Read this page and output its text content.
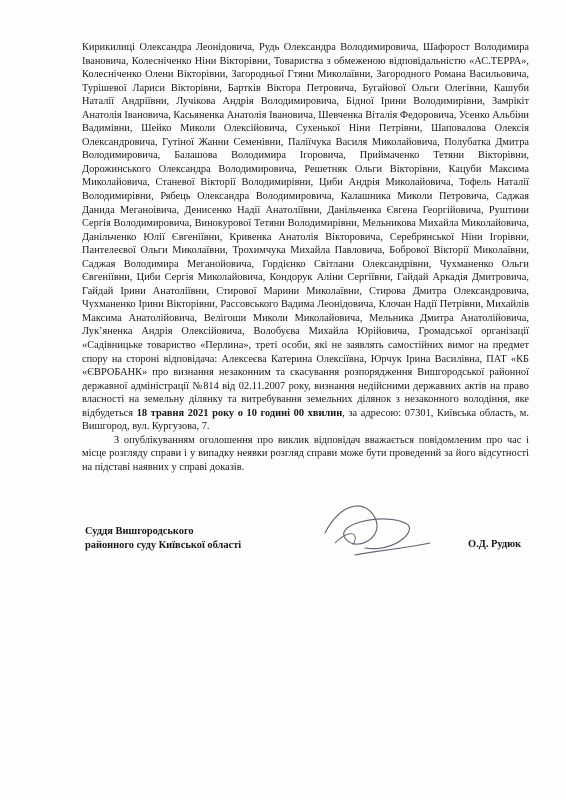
Кирикилиці Олександра Леонідовича, Рудь Олександра Володимировича, Шафорост Володимира Івановича, Колесніченко Ніни Вікторівни, Товариства з обмеженою відповідальністю «АС.ТЕРРА», Колесніченко Олени Вікторівни, Загородньої Гтяни Миколаївни, Загородного Романа Васильовича, Турішевої Лариси Вікторівни, Бартків Віктора Петровича, Бугайової Ольги Олегівни, Кашуби Наталії Андріївни, Лучікова Андрія Володимировича, Бідної Ірини Володимирівни, Замрікіт Анатолія Івановича, Касьяненка Анатолія Івановича, Шевченка Віталія Федоровича, Усенко Альбіни Вадимівни, Шейко Миколи Олексійовича, Сухенької Ніни Петрівни, Шаповалова Олексія Олександровича, Гутіної Жанни Семенівни, Паліїчука Василя Миколайовича, Полубатка Дмитра Володимировича, Балашова Володимира Ігоровича, Приймаченко Тетяни Вікторівни, Дорожинського Олександра Володимировича, Решетняк Ольги Вікторівни, Кацуби Максима Миколайовича, Станевої Вікторії Володимирівни, Циби Андрія Миколайовича, Тофель Наталії Володимирівни, Рябець Олександра Володимировича, Калашника Миколи Петровича, Саджая Данида Меганоівича, Денисенко Надії Анатоліївни, Данільченка Євгена Георгійовича, Руштини Сергія Володимировича, Винокурової Тетяни Володимирівни, Мельникова Михайла Миколайовича, Данільченко Юлії Євгеніївни, Кривенка Анатолія Вікторовича, Серебрянської Ніни Ігорівни, Пантелеєвої Ольги Миколаївни, Трохимчука Михайла Павловича, Бобрової Вікторії Миколаївни, Саджая Володимира Меганойовича, Гордієнко Світлани Олександрівни, Чухманенко Ольги Євгеніївни, Циби Сергія Миколайовича, Кондорук Аліни Сергіївни, Гайдай Аркадія Дмитровича, Гайдай Ірини Анатоліївни, Стирової Марини Миколаївни, Стирова Дмитра Олександровича, Чухманенко Ірини Вікторівни, Рассовського Вадима Леонідовича, Клочан Надії Петрівни, Михайлів Максима Анатолійовича, Велігоши Миколи Миколайовича, Мельника Дмитра Анатолійовича, Лук’яненка Андрія Олексійовича, Волобуєва Михайла Юрійовича, Громадської організації «Садівницьке товариство «Перлина», треті особи, які не заявлять самостійних вимог на предмет спору на стороні відповідача: Алексеєва Катерина Олексіївна, Юрчук Ірина Василівна, ПАТ «КБ «ЄВРОБАНК» про визнання незаконним та скасування розпорядження Вишгородської районної державної адміністрації №814 від 02.11.2007 року, визнання недійсними державних актів на право власності на земельну ділянку та витребування земельних ділянок з незаконного володіння, яке відбудеться 18 травня 2021 року о 10 годині 00 хвилин, за адресою: 07301, Київська область, м. Вишгород, вул. Кургузова, 7.

З опублікуванням оголошення про виклик відповідач вважається повідомленим про час і місце розгляду справи і у випадку неявки розгляд справи може бути проведений за його відсутності на підставі наявних у справі доказів.

Суддя Вишгородського
районного суду Київської області	О.Д. Рудюк
